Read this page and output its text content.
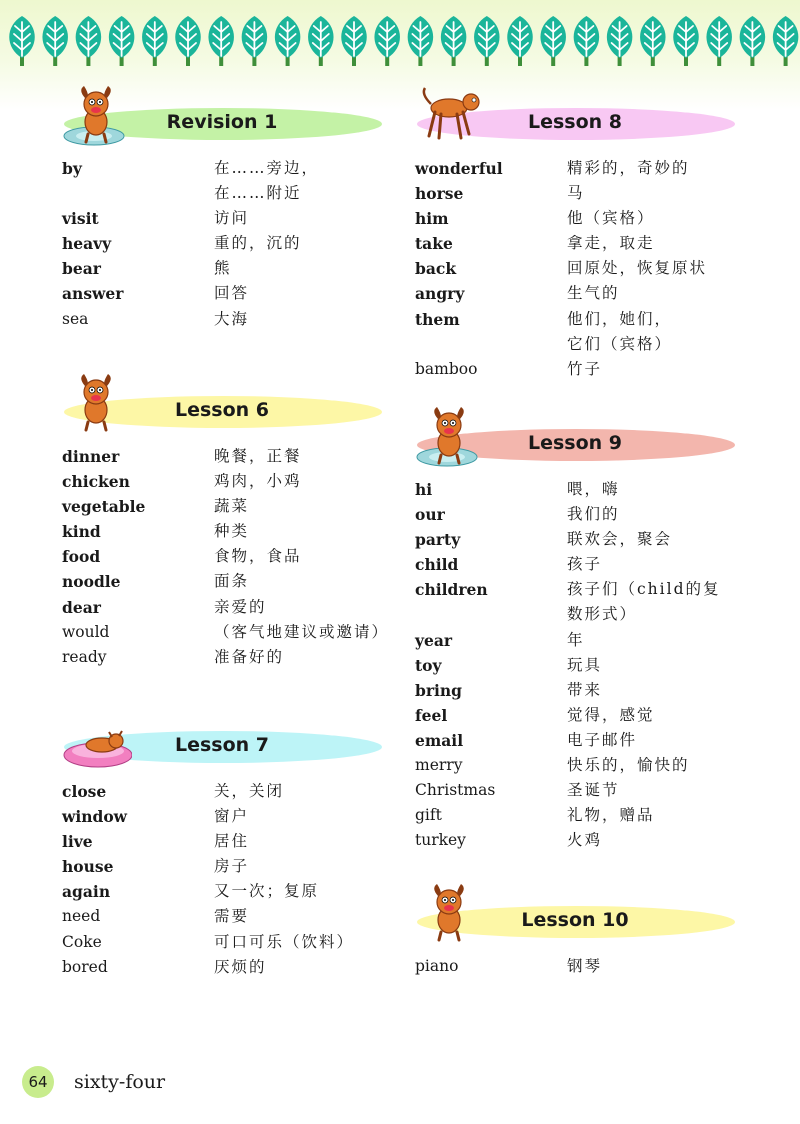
Revision 1
by	在……旁边，
在……附近
visit	访问
heavy	重的，沉的
bear	熊
answer	回答
sea	大海
Lesson 6
dinner	晚餐，正餐
chicken	鸡肉，小鸡
vegetable	蔬菜
kind	种类
food	食物，食品
noodle	面条
dear	亲爱的
would	（客气地建议或邀请）
ready	准备好的
Lesson 7
close	关，关闭
window	窗户
live	居住
house	房子
again	又一次；复原
need	需要
Coke	可口可乐（饮料）
bored	厌烦的
Lesson 8
wonderful	精彩的，奇妙的
horse	马
him	他（宾格）
take	拿走，取走
back	回原处，恢复原状
angry	生气的
them	他们，她们，
它们（宾格）
bamboo	竹子
Lesson 9
hi	喂，嗨
our	我们的
party	联欢会，聚会
child	孩子
children	孩子们（child的复
数形式）
year	年
toy	玩具
bring	带来
feel	觉得，感觉
email	电子邮件
merry	快乐的，愉快的
Christmas	圣诞节
gift	礼物，赠品
turkey	火鸡
Lesson 10
piano	钢琴
64	sixty-four
